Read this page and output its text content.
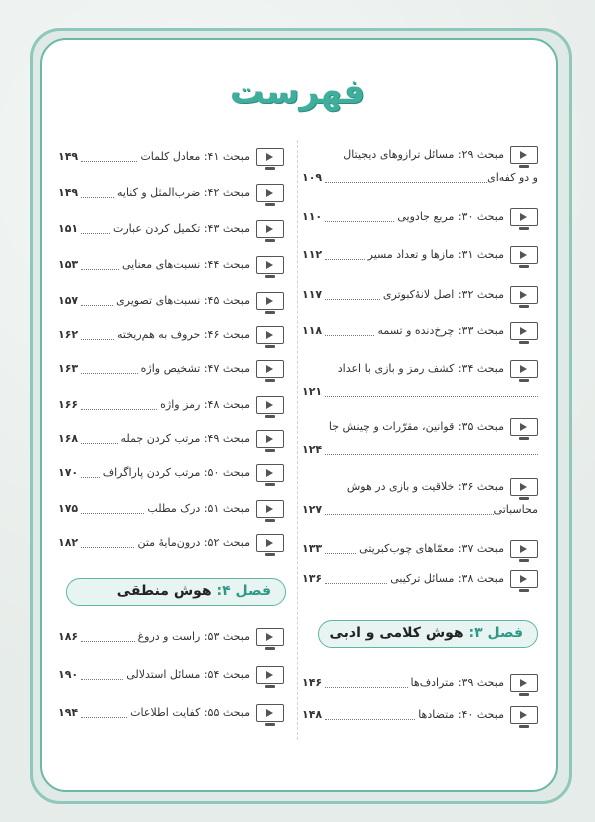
فهرست
مبحث ۲۹: مسائل ترازوهای دیجیتال
و دو کفه‌ای
۱۰۹
مبحث ۳۰: مربع جادویی
۱۱۰
مبحث ۳۱: مازها و تعداد مسیر
۱۱۲
مبحث ۳۲: اصل لانۀ‌کبوتری
۱۱۷
مبحث ۳۳: چرخ‌دنده و تسمه
۱۱۸
مبحث ۳۴: کشف رمز و بازی با اعداد
۱۲۱
مبحث ۳۵: قوانین، مقرّرات و چینش جا
۱۲۴
مبحث ۳۶: خلاقیت و بازی در هوش
محاسباتی
۱۲۷
مبحث ۳۷: معمّاهای چوب‌کبریتی
۱۳۳
مبحث ۳۸: مسائل ترکیبی
۱۳۶
فصل ۳: هوش کلامی و ادبی
مبحث ۳۹: مترادف‌ها
۱۴۶
مبحث ۴۰: متضادها
۱۴۸
مبحث ۴۱: معادل کلمات
۱۴۹
مبحث ۴۲: ضرب‌المثل و کنایه
۱۴۹
مبحث ۴۳: تکمیل کردن عبارت
۱۵۱
مبحث ۴۴: نسبت‌های معنایی
۱۵۳
مبحث ۴۵: نسبت‌های تصویری
۱۵۷
مبحث ۴۶: حروف به هم‌ریخته
۱۶۲
مبحث ۴۷: تشخیص واژه
۱۶۳
مبحث ۴۸: رمز واژه
۱۶۶
مبحث ۴۹: مرتب کردن جمله
۱۶۸
مبحث ۵۰: مرتب کردن پاراگراف
۱۷۰
مبحث ۵۱: درک مطلب
۱۷۵
مبحث ۵۲: درون‌مایۀ متن
۱۸۲
فصل ۴: هوش منطقی
مبحث ۵۳: راست و دروغ
۱۸۶
مبحث ۵۴: مسائل استدلالی
۱۹۰
مبحث ۵۵: کفایت اطلاعات
۱۹۴
